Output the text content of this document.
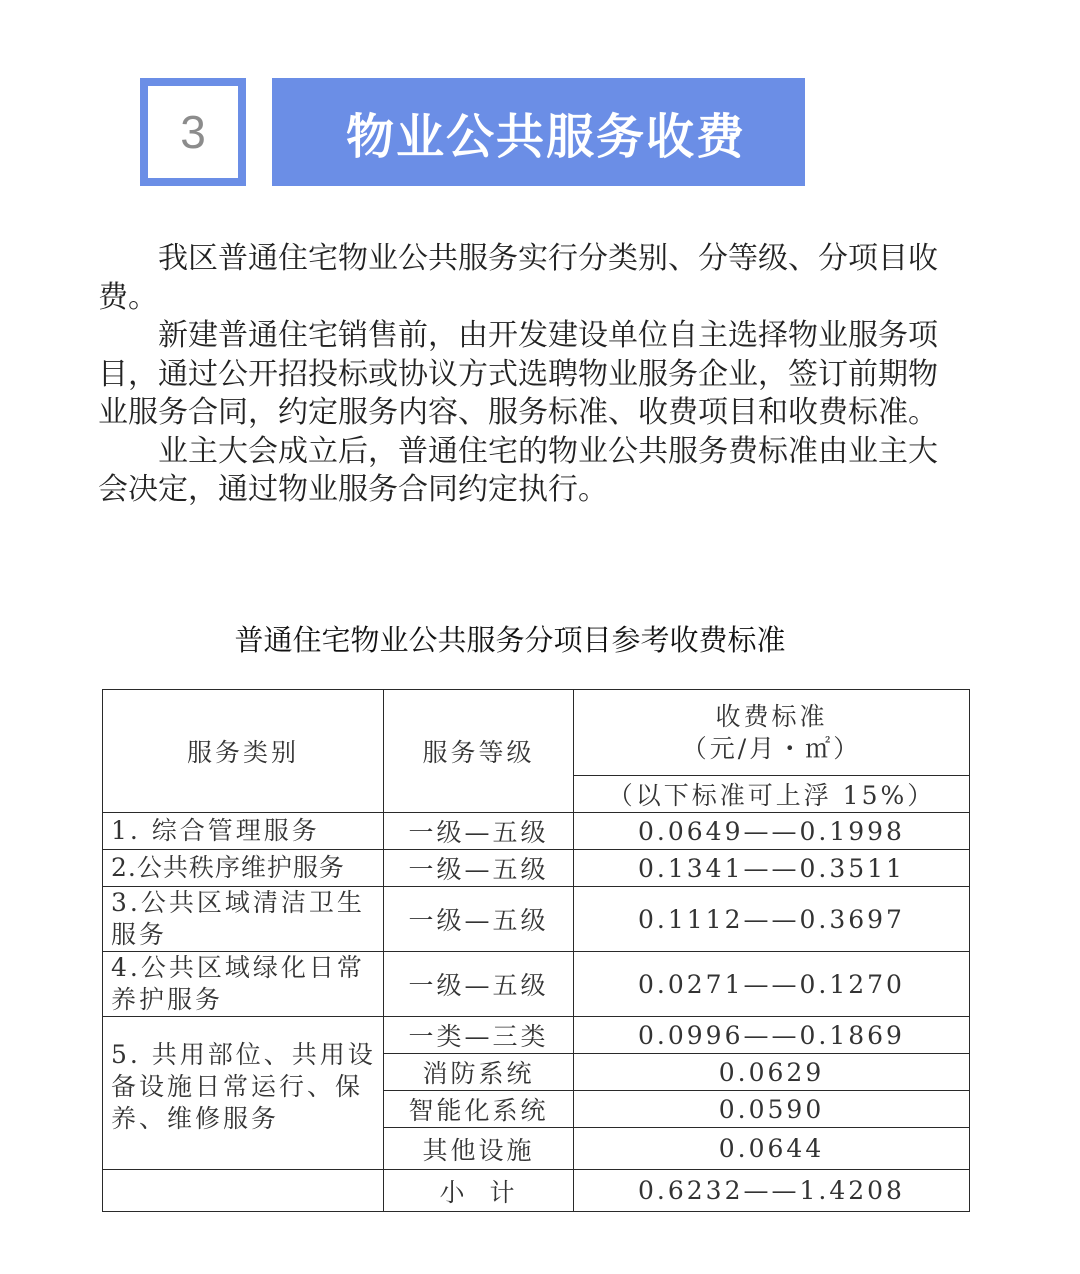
3	物业公共服务收费

我区普通住宅物业公共服务实行分类别、分等级、分项目收费。

新建普通住宅销售前，由开发建设单位自主选择物业服务项目，通过公开招投标或协议方式选聘物业服务企业，签订前期物业服务合同，约定服务内容、服务标准、收费项目和收费标准。

业主大会成立后，普通住宅的物业公共服务费标准由业主大会决定，通过物业服务合同约定执行。

普通住宅物业公共服务分项目参考收费标准
服务类别	服务等级	收费标准
（元/月・㎡）

		（以下标准可上浮 15%）
1. 综合管理服务	一级—五级	0.0649——0.1998
2.公共秩序维护服务	一级—五级	0.1341——0.3511
3.公共区域清洁卫生服务	一级—五级	0.1112——0.3697
4.公共区域绿化日常养护服务	一级—五级	0.0271——0.1270
5. 共用部位、共用设备设施日常运行、保养、维修服务	一类—三类	0.0996——0.1869
	消防系统	0.0629
	智能化系统	0.0590
	其他设施	0.0644
	小  计	0.6232——1.4208
